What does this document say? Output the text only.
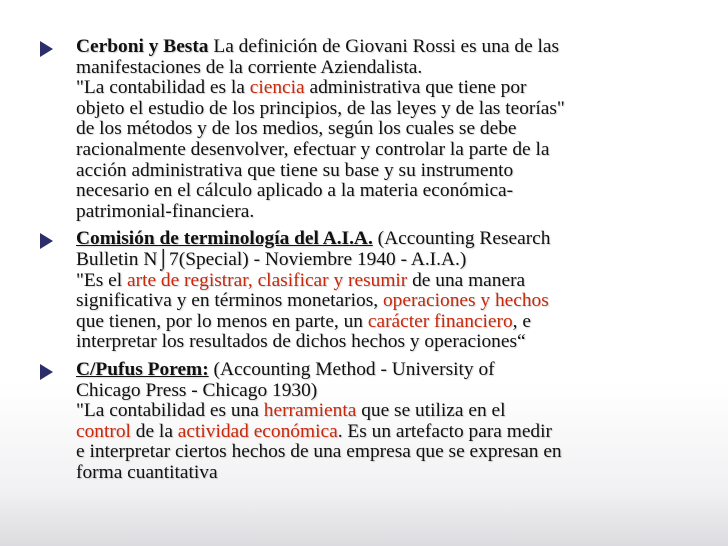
Cerboni y Besta La definición de Giovani Rossi es una de las
manifestaciones de la corriente Aziendalista.
"La contabilidad es la ciencia administrativa que tiene por
objeto el estudio de los principios, de las leyes y de las teorías"
de los métodos y de los medios, según los cuales se debe
racionalmente desenvolver, efectuar y controlar la parte de la
acción administrativa que tiene su base y su instrumento
necesario en el cálculo aplicado a la materia económica-
patrimonial-financiera.
Comisión de terminología del A.I.A. (Accounting Research
Bulletin N⌡7(Special) - Noviembre 1940 - A.I.A.)
"Es el arte de registrar, clasificar y resumir de una manera
significativa y en términos monetarios, operaciones y hechos
que tienen, por lo menos en parte, un carácter financiero, e
interpretar los resultados de dichos hechos y operaciones“
C/Pufus Porem: (Accounting Method - University of
Chicago Press - Chicago 1930)
"La contabilidad es una herramienta que se utiliza en el
control de la actividad económica. Es un artefacto para medir
e interpretar ciertos hechos de una empresa que se expresan en
forma cuantitativa
